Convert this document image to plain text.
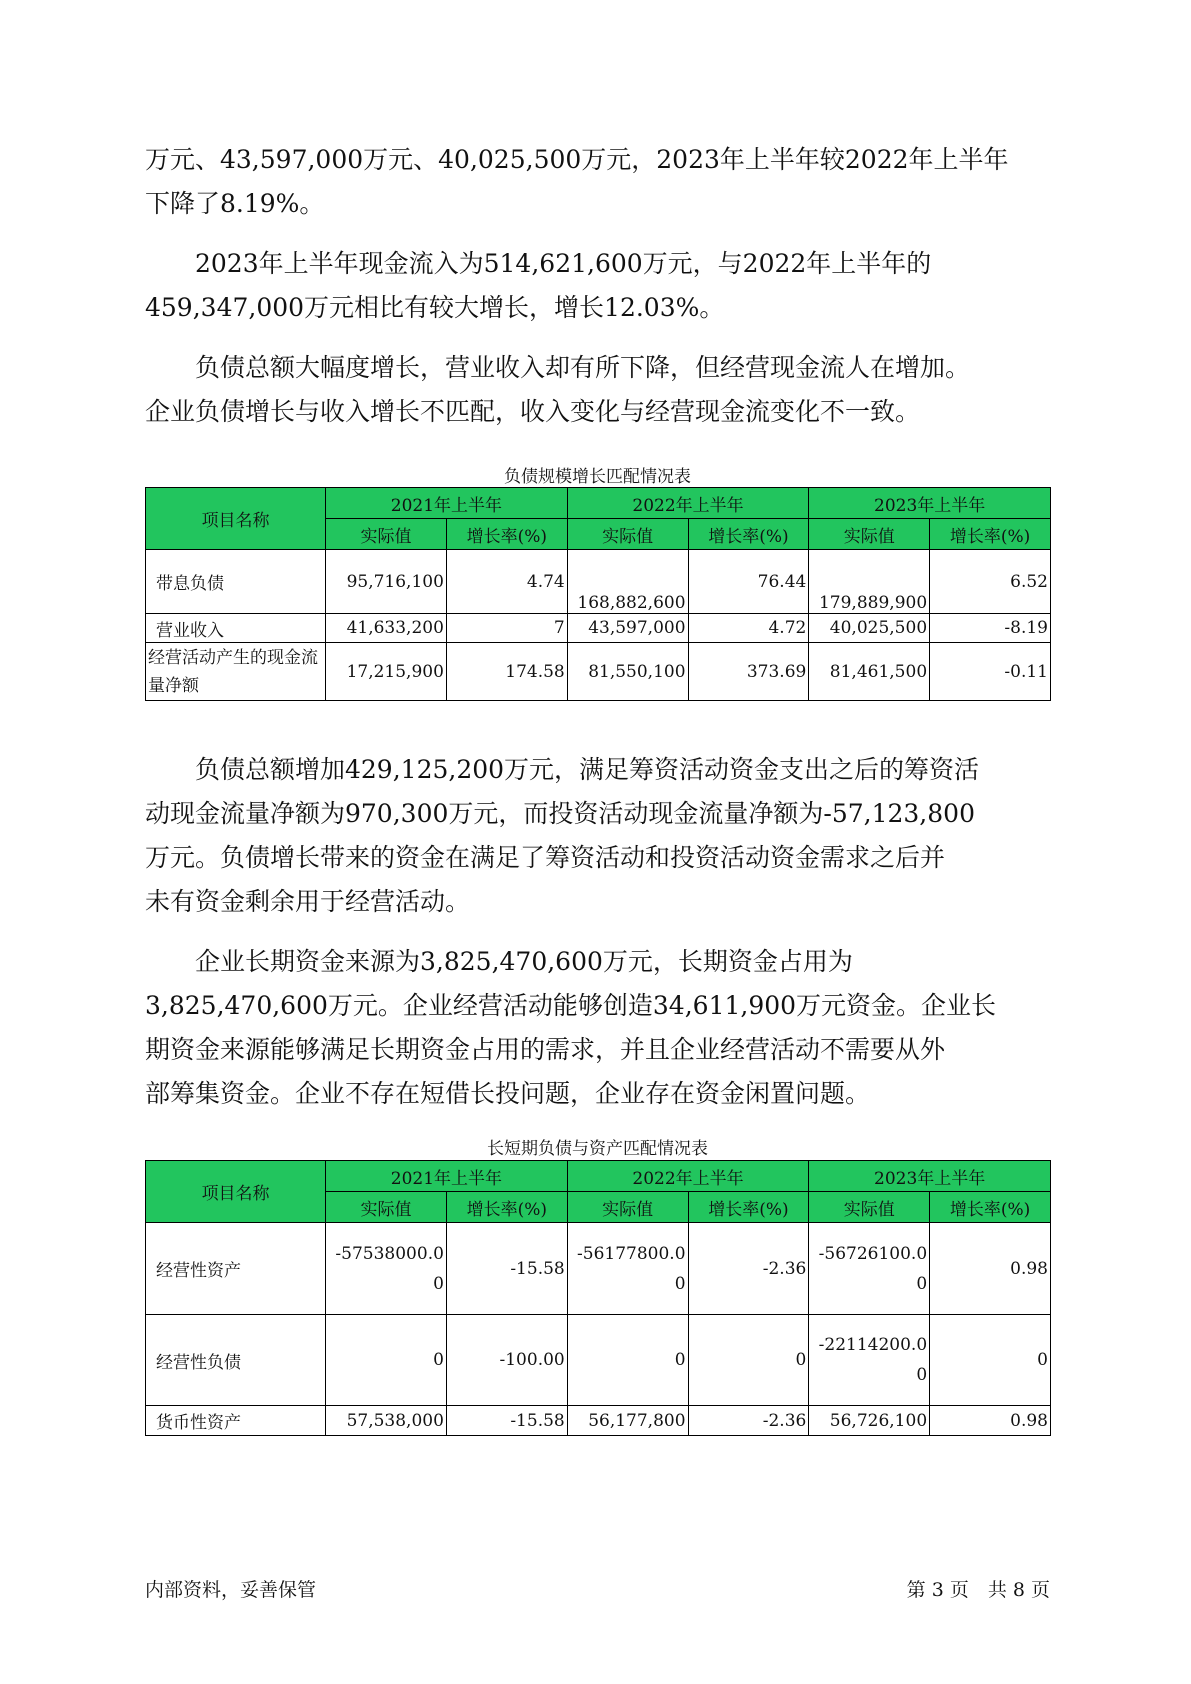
万元、43,597,000万元、40,025,500万元，2023年上半年较2022年上半年
下降了8.19%。

　　2023年上半年现金流入为514,621,600万元，与2022年上半年的
459,347,000万元相比有较大增长，增长12.03%。

　　负债总额大幅度增长，营业收入却有所下降，但经营现金流人在增加。
企业负债增长与收入增长不匹配，收入变化与经营现金流变化不一致。

负债规模增长匹配情况表
项目名称	2021年上半年		2022年上半年		2023年上半年	
	实际值	增长率(%)	实际值	增长率(%)	实际值	增长率(%)
带息负债	95,716,100	4.74	168,882,600	76.44	179,889,900	6.52
营业收入	41,633,200	7	43,597,000	4.72	40,025,500	-8.19
经营活动产生的现金流量净额	17,215,900	174.58	81,550,100	373.69	81,461,500	-0.11

　　负债总额增加429,125,200万元，满足筹资活动资金支出之后的筹资活
动现金流量净额为970,300万元，而投资活动现金流量净额为-57,123,800
万元。负债增长带来的资金在满足了筹资活动和投资活动资金需求之后并
未有资金剩余用于经营活动。

　　企业长期资金来源为3,825,470,600万元，长期资金占用为
3,825,470,600万元。企业经营活动能够创造34,611,900万元资金。企业长
期资金来源能够满足长期资金占用的需求，并且企业经营活动不需要从外
部筹集资金。企业不存在短借长投问题，企业存在资金闲置问题。

长短期负债与资产匹配情况表
项目名称	2021年上半年		2022年上半年		2023年上半年	
	实际值	增长率(%)	实际值	增长率(%)	实际值	增长率(%)
经营性资产	-57538000.00	-15.58	-56177800.00	-2.36	-56726100.00	0.98
经营性负债	0	-100.00	0	0	-22114200.00	0
货币性资产	57,538,000	-15.58	56,177,800	-2.36	56,726,100	0.98
内部资料，妥善保管	第 3 页　共 8 页
